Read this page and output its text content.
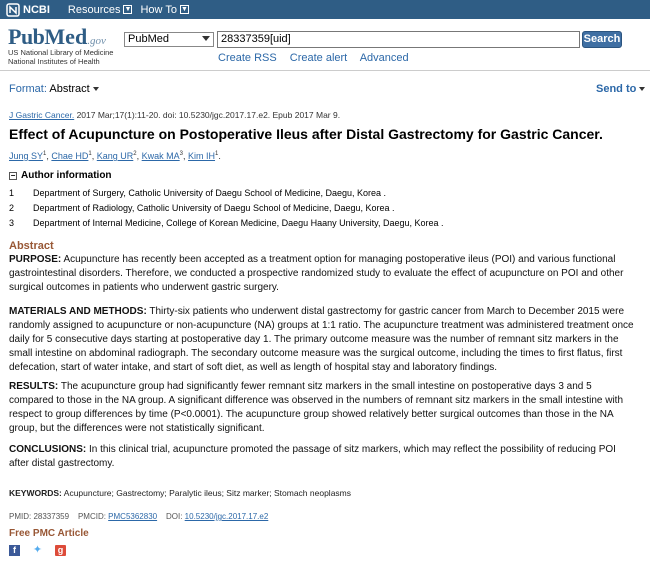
NCBI Resources ▼ How To ▼
PubMed.gov
US National Library of Medicine
National Institutes of Health
PubMed	28337359[uid]	Search
Create RSS Create alert Advanced
Format: Abstract	Send to
J Gastric Cancer. 2017 Mar;17(1):11-20. doi: 10.5230/jgc.2017.17.e2. Epub 2017 Mar 9.
Effect of Acupuncture on Postoperative Ileus after Distal Gastrectomy for Gastric Cancer.
Jung $SY^1$, Chae $HD^1$, Kang $UR^2$, Kwak $MA^3$, Kim $IH^1$.
− Author information
1 Department of Surgery, Catholic University of Daegu School of Medicine, Daegu, Korea .
2 Department of Radiology, Catholic University of Daegu School of Medicine, Daegu, Korea .
3 Department of Internal Medicine, College of Korean Medicine, Daegu Haany University, Daegu, Korea .
Abstract
PURPOSE: Acupuncture has recently been accepted as a treatment option for managing postoperative ileus (POI) and various functional gastrointestinal disorders. Therefore, we conducted a prospective randomized study to evaluate the effect of acupuncture on POI and other surgical outcomes in patients who underwent gastric surgery.
MATERIALS AND METHODS: Thirty-six patients who underwent distal gastrectomy for gastric cancer from March to December 2015 were randomly assigned to acupuncture or non-acupuncture (NA) groups at 1:1 ratio. The acupuncture treatment was administered treatment once daily for 5 consecutive days starting at postoperative day 1. The primary outcome measure was the number of remnant sitz markers in the small intestine on abdominal radiograph. The secondary outcome measure was the surgical outcome, including the times to first flatus, first defecation, start of water intake, and start of soft diet, as well as length of hospital stay and laboratory findings.
RESULTS: The acupuncture group had significantly fewer remnant sitz markers in the small intestine on postoperative days 3 and 5 compared to those in the NA group. A significant difference was observed in the numbers of remnant sitz markers in the small intestine with respect to group differences by time (P<0.0001). The acupuncture group showed relatively better surgical outcomes than those in the NA group, but the differences were not statistically significant.
CONCLUSIONS: In this clinical trial, acupuncture promoted the passage of sitz markers, which may reflect the possibility of reducing POI after distal gastrectomy.
KEYWORDS: Acupuncture; Gastrectomy; Paralytic ileus; Sitz marker; Stomach neoplasms
PMID: 28337359 PMCID: PMC5362830 DOI: 10.5230/jgc.2017.17.e2
Free PMC Article
f	✦	g
